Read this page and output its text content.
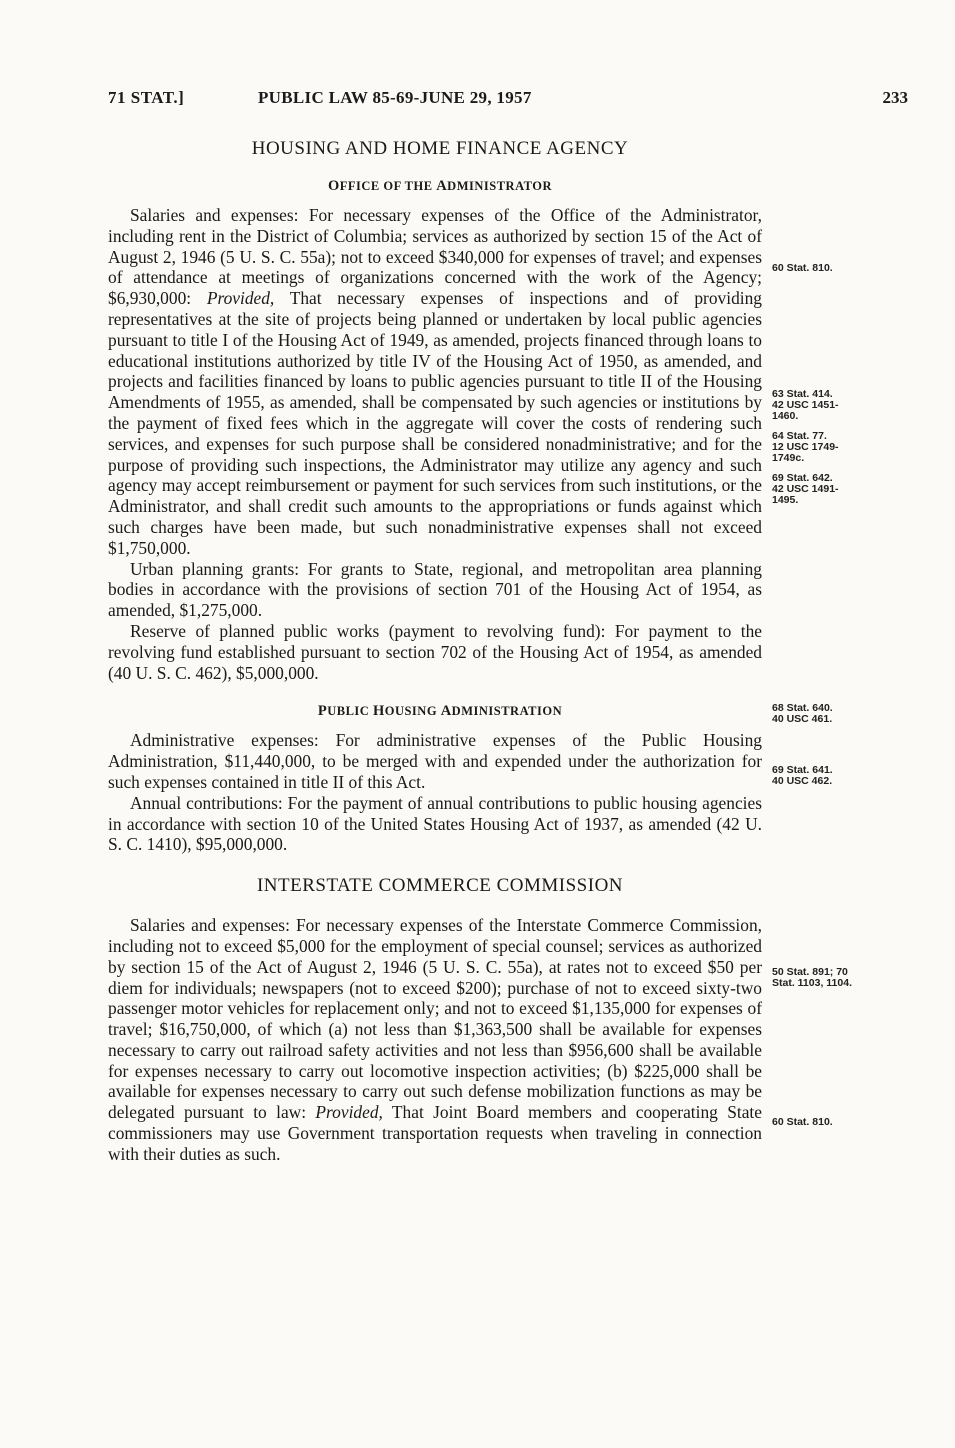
71 STAT.]	PUBLIC LAW 85-69-JUNE 29, 1957	233
HOUSING AND HOME FINANCE AGENCY
OFFICE OF THE ADMINISTRATOR

Salaries and expenses: For necessary expenses of the Office of the Administrator, including rent in the District of Columbia; services as authorized by section 15 of the Act of August 2, 1946 (5 U. S. C. 55a); not to exceed $340,000 for expenses of travel; and expenses of attendance at meetings of organizations concerned with the work of the Agency; $6,930,000: Provided, That necessary expenses of inspections and of providing representatives at the site of projects being planned or undertaken by local public agencies pursuant to title I of the Housing Act of 1949, as amended, projects financed through loans to educational institutions authorized by title IV of the Housing Act of 1950, as amended, and projects and facilities financed by loans to public agencies pursuant to title II of the Housing Amendments of 1955, as amended, shall be compensated by such agencies or institutions by the payment of fixed fees which in the aggregate will cover the costs of rendering such services, and expenses for such purpose shall be considered nonadministrative; and for the purpose of providing such inspections, the Administrator may utilize any agency and such agency may accept reimbursement or payment for such services from such institutions, or the Administrator, and shall credit such amounts to the appropriations or funds against which such charges have been made, but such nonadministrative expenses shall not exceed $1,750,000.

Urban planning grants: For grants to State, regional, and metropolitan area planning bodies in accordance with the provisions of section 701 of the Housing Act of 1954, as amended, $1,275,000.

Reserve of planned public works (payment to revolving fund): For payment to the revolving fund established pursuant to section 702 of the Housing Act of 1954, as amended (40 U. S. C. 462), $5,000,000.

PUBLIC HOUSING ADMINISTRATION

Administrative expenses: For administrative expenses of the Public Housing Administration, $11,440,000, to be merged with and expended under the authorization for such expenses contained in title II of this Act.

Annual contributions: For the payment of annual contributions to public housing agencies in accordance with section 10 of the United States Housing Act of 1937, as amended (42 U. S. C. 1410), $95,000,000.

INTERSTATE COMMERCE COMMISSION

Salaries and expenses: For necessary expenses of the Interstate Commerce Commission, including not to exceed $5,000 for the employment of special counsel; services as authorized by section 15 of the Act of August 2, 1946 (5 U. S. C. 55a), at rates not to exceed $50 per diem for individuals; newspapers (not to exceed $200); purchase of not to exceed sixty-two passenger motor vehicles for replacement only; and not to exceed $1,135,000 for expenses of travel; $16,750,000, of which (a) not less than $1,363,500 shall be available for expenses necessary to carry out railroad safety activities and not less than $956,600 shall be available for expenses necessary to carry out locomotive inspection activities; (b) $225,000 shall be available for expenses necessary to carry out such defense mobilization functions as may be delegated pursuant to law: Provided, That Joint Board members and cooperating State commissioners may use Government transportation requests when traveling in connection with their duties as such.

60 Stat. 810.
63 Stat. 414.
42 USC 1451-
1460.
64 Stat. 77.
12 USC 1749-
1749c.
69 Stat. 642.
42 USC 1491-
1495.
68 Stat. 640.
40 USC 461.
69 Stat. 641.
40 USC 462.
50 Stat. 891; 70
Stat. 1103, 1104.
60 Stat. 810.
